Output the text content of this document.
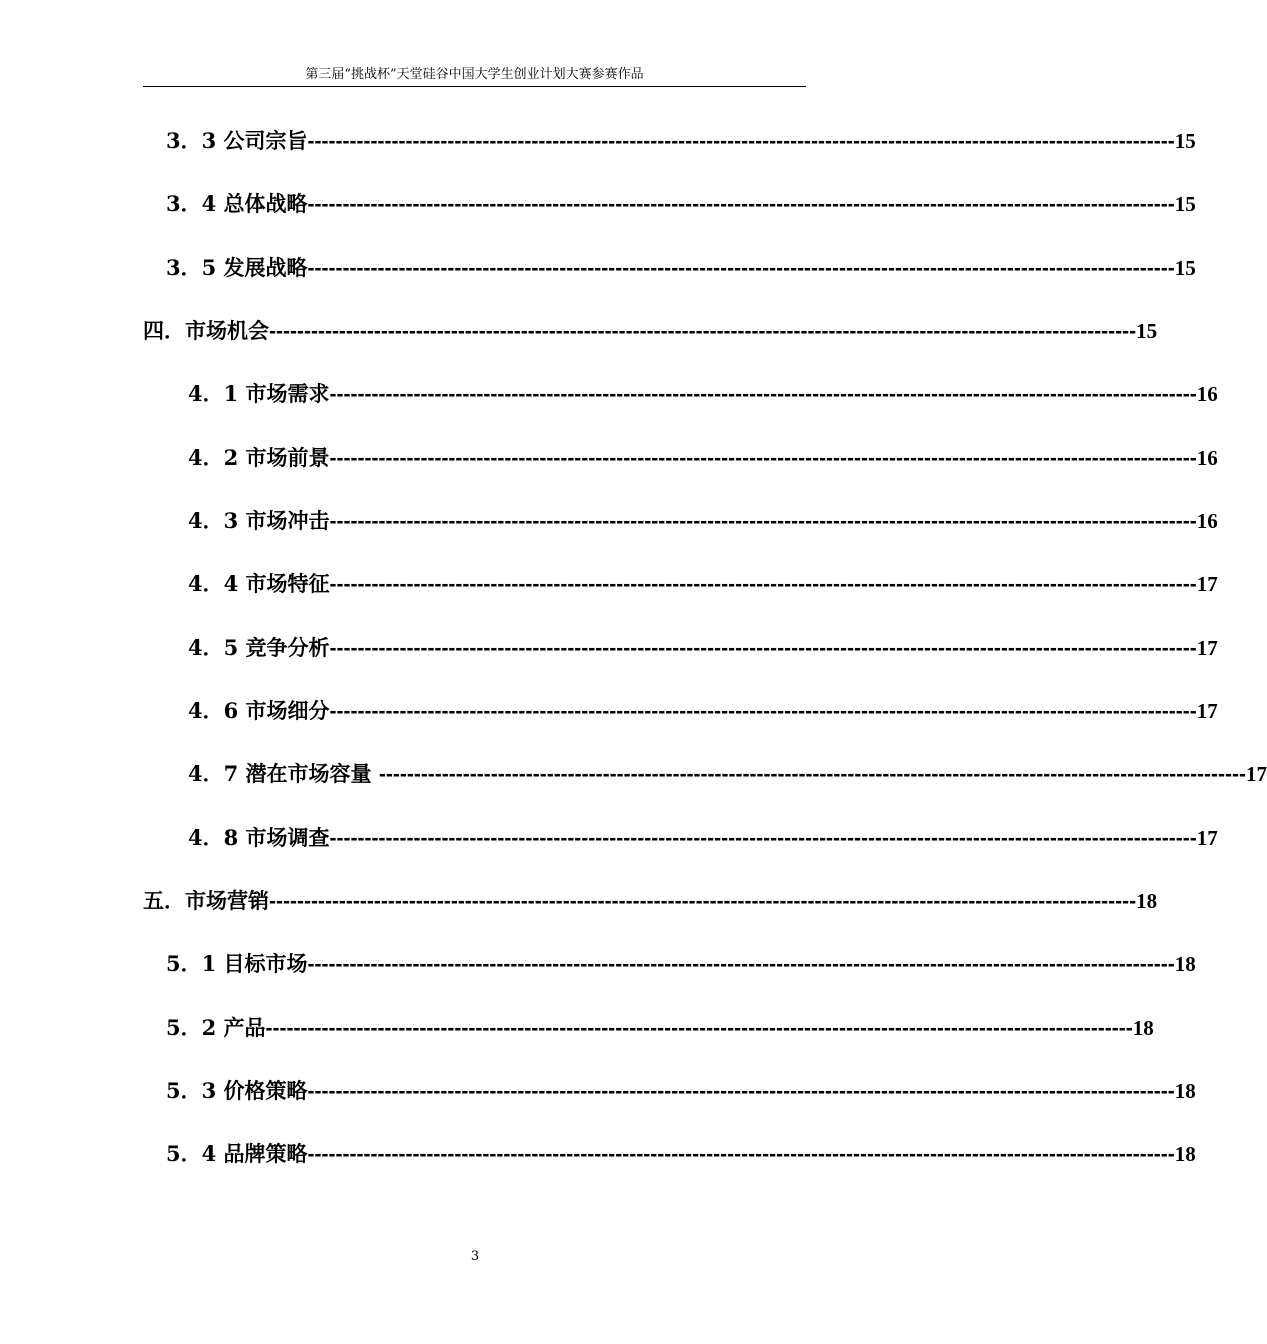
第三届“挑战杯”天堂硅谷中国大学生创业计划大赛参赛作品
3．3 公司宗旨 ---------------------------------------------------------------------------------------------------------------------------- 15
3．4 总体战略 ---------------------------------------------------------------------------------------------------------------------------- 15
3．5 发展战略 ---------------------------------------------------------------------------------------------------------------------------- 15
四．市场机会 ---------------------------------------------------------------------------------------------------------------------------- 15
4．1 市场需求 ---------------------------------------------------------------------------------------------------------------------------- 16
4．2 市场前景 ---------------------------------------------------------------------------------------------------------------------------- 16
4．3 市场冲击 ---------------------------------------------------------------------------------------------------------------------------- 16
4．4 市场特征 ---------------------------------------------------------------------------------------------------------------------------- 17
4．5 竞争分析 ---------------------------------------------------------------------------------------------------------------------------- 17
4．6 市场细分 ---------------------------------------------------------------------------------------------------------------------------- 17
4．7 潜在市场容量 ---------------------------------------------------------------------------------------------------------------------------- 17
4．8 市场调查 ---------------------------------------------------------------------------------------------------------------------------- 17
五．市场营销 ---------------------------------------------------------------------------------------------------------------------------- 18
5．1 目标市场 ---------------------------------------------------------------------------------------------------------------------------- 18
5．2 产品 ---------------------------------------------------------------------------------------------------------------------------- 18
5．3 价格策略 ---------------------------------------------------------------------------------------------------------------------------- 18
5．4 品牌策略 ---------------------------------------------------------------------------------------------------------------------------- 18
3
